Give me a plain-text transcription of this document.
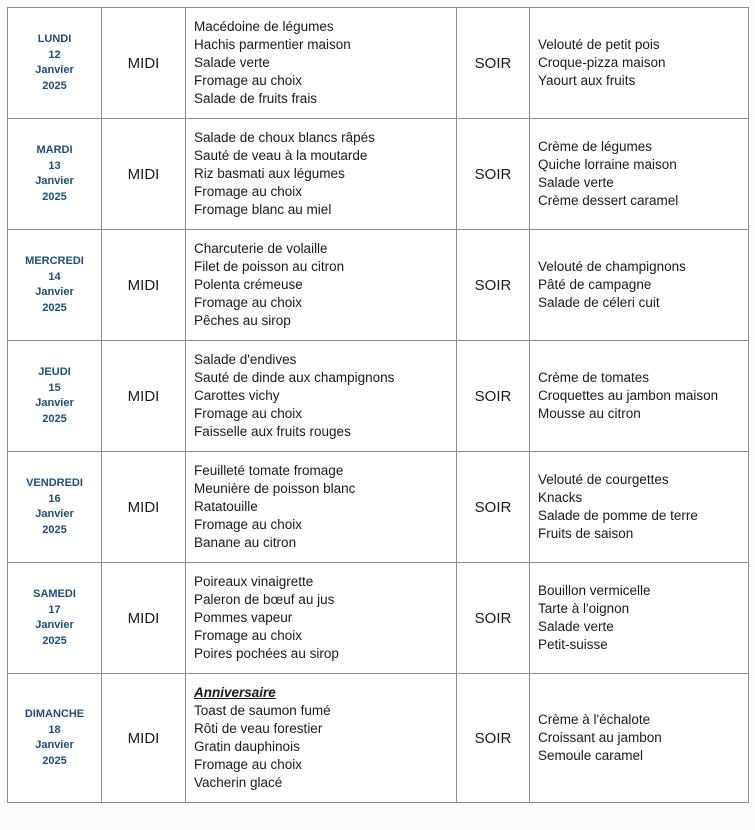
LUNDI
12
Janvier
2025
	MIDI	
Macédoine de légumes
Hachis parmentier maison
Salade verte
Fromage au choix
Salade de fruits frais
	SOIR	
Velouté de petit pois
Croque-pizza maison
Yaourt aux fruits

MARDI
13
Janvier
2025
	MIDI	
Salade de choux blancs râpés
Sauté de veau à la moutarde
Riz basmati aux légumes
Fromage au choix
Fromage blanc au miel
	SOIR	
Crème de légumes
Quiche lorraine maison
Salade verte
Crème dessert caramel

MERCREDI
14
Janvier
2025
	MIDI	
Charcuterie de volaille
Filet de poisson au citron
Polenta crémeuse
Fromage au choix
Pêches au sirop
	SOIR	
Velouté de champignons
Pâté de campagne
Salade de céleri cuit

JEUDI
15
Janvier
2025
	MIDI	
Salade d'endives
Sauté de dinde aux champignons
Carottes vichy
Fromage au choix
Faisselle aux fruits rouges
	SOIR	
Crème de tomates
Croquettes au jambon maison
Mousse au citron

VENDREDI
16
Janvier
2025
	MIDI	
Feuilleté tomate fromage
Meunière de poisson blanc
Ratatouille
Fromage au choix
Banane au citron
	SOIR	
Velouté de courgettes
Knacks
Salade de pomme de terre
Fruits de saison

SAMEDI
17
Janvier
2025
	MIDI	
Poireaux vinaigrette
Paleron de bœuf au jus
Pommes vapeur
Fromage au choix
Poires pochées au sirop
	SOIR	
Bouillon vermicelle
Tarte à l'oignon
Salade verte
Petit-suisse

DIMANCHE
18
Janvier
2025
	MIDI	
Anniversaire
Toast de saumon fumé
Rôti de veau forestier
Gratin dauphinois
Fromage au choix
Vacherin glacé
	SOIR	
Crème à l'échalote
Croissant au jambon
Semoule caramel
